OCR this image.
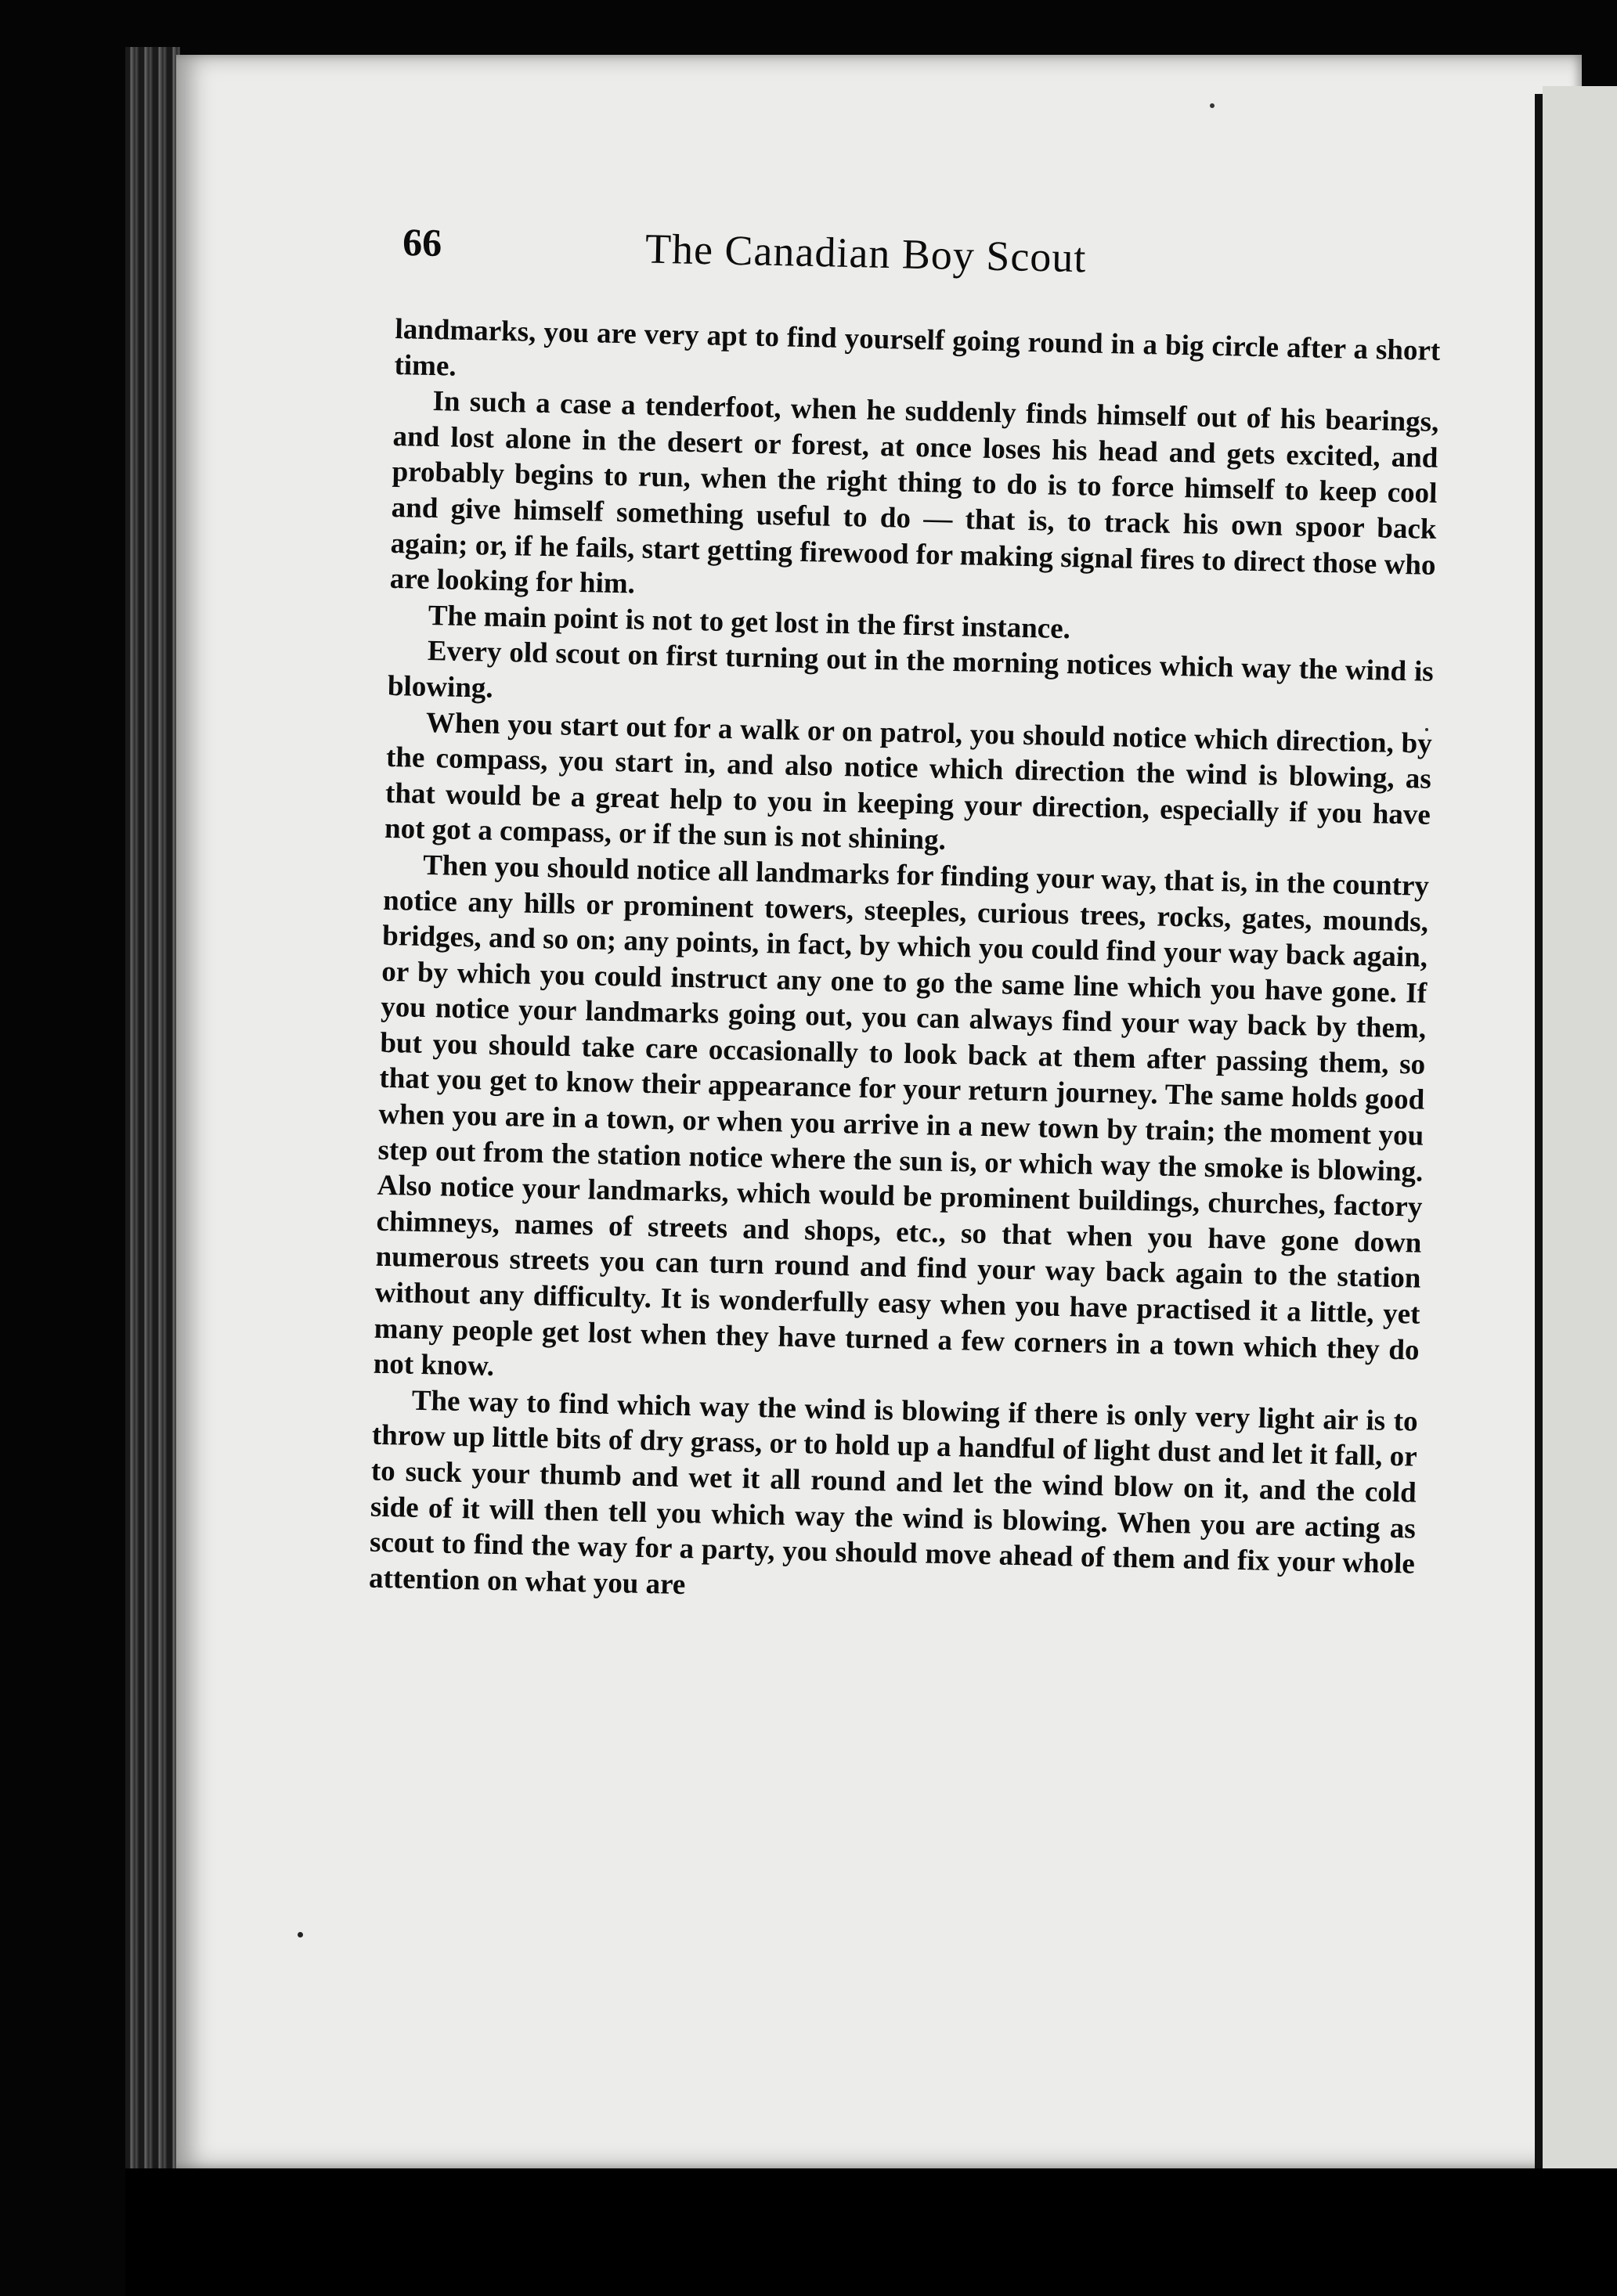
66	The Canadian Boy Scout

landmarks, you are very apt to find yourself going round in a big circle after a short time.

In such a case a tenderfoot, when he suddenly finds himself out of his bearings, and lost alone in the desert or forest, at once loses his head and gets excited, and probably begins to run, when the right thing to do is to force himself to keep cool and give himself something useful to do — that is, to track his own spoor back again; or, if he fails, start getting firewood for making signal fires to direct those who are looking for him.

The main point is not to get lost in the first instance.

Every old scout on first turning out in the morning notices which way the wind is blowing.

When you start out for a walk or on patrol, you should notice which direction, by the compass, you start in, and also notice which direction the wind is blowing, as that would be a great help to you in keeping your direction, especially if you have not got a compass, or if the sun is not shining.

Then you should notice all landmarks for finding your way, that is, in the country notice any hills or prominent towers, steeples, curious trees, rocks, gates, mounds, bridges, and so on; any points, in fact, by which you could find your way back again, or by which you could instruct any one to go the same line which you have gone. If you notice your landmarks going out, you can always find your way back by them, but you should take care occasionally to look back at them after passing them, so that you get to know their appearance for your return journey. The same holds good when you are in a town, or when you arrive in a new town by train; the moment you step out from the station notice where the sun is, or which way the smoke is blowing. Also notice your landmarks, which would be prominent buildings, churches, factory chimneys, names of streets and shops, etc., so that when you have gone down numerous streets you can turn round and find your way back again to the station without any difficulty. It is wonderfully easy when you have practised it a little, yet many people get lost when they have turned a few corners in a town which they do not know.

The way to find which way the wind is blowing if there is only very light air is to throw up little bits of dry grass, or to hold up a handful of light dust and let it fall, or to suck your thumb and wet it all round and let the wind blow on it, and the cold side of it will then tell you which way the wind is blowing. When you are acting as scout to find the way for a party, you should move ahead of them and fix your whole attention on what you are
